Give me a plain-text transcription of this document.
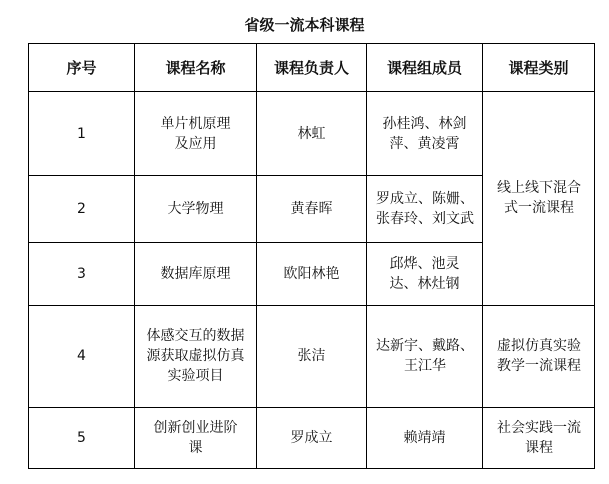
省级一流本科课程
序号	课程名称	课程负责人	课程组成员	课程类别
1	单片机原理及应用	林虹	孙桂鸿、林剑萍、黄凌霄	线上线下混合式一流课程
2	大学物理	黄春晖	罗成立、陈姗、张春玲、刘文武	
3	数据库原理	欧阳林艳	邱烨、池灵达、林灶钢	
4	体感交互的数据源获取虚拟仿真实验项目	张洁	达新宇、戴路、王江华	虚拟仿真实验教学一流课程
5	创新创业进阶课	罗成立	赖靖靖	社会实践一流课程
